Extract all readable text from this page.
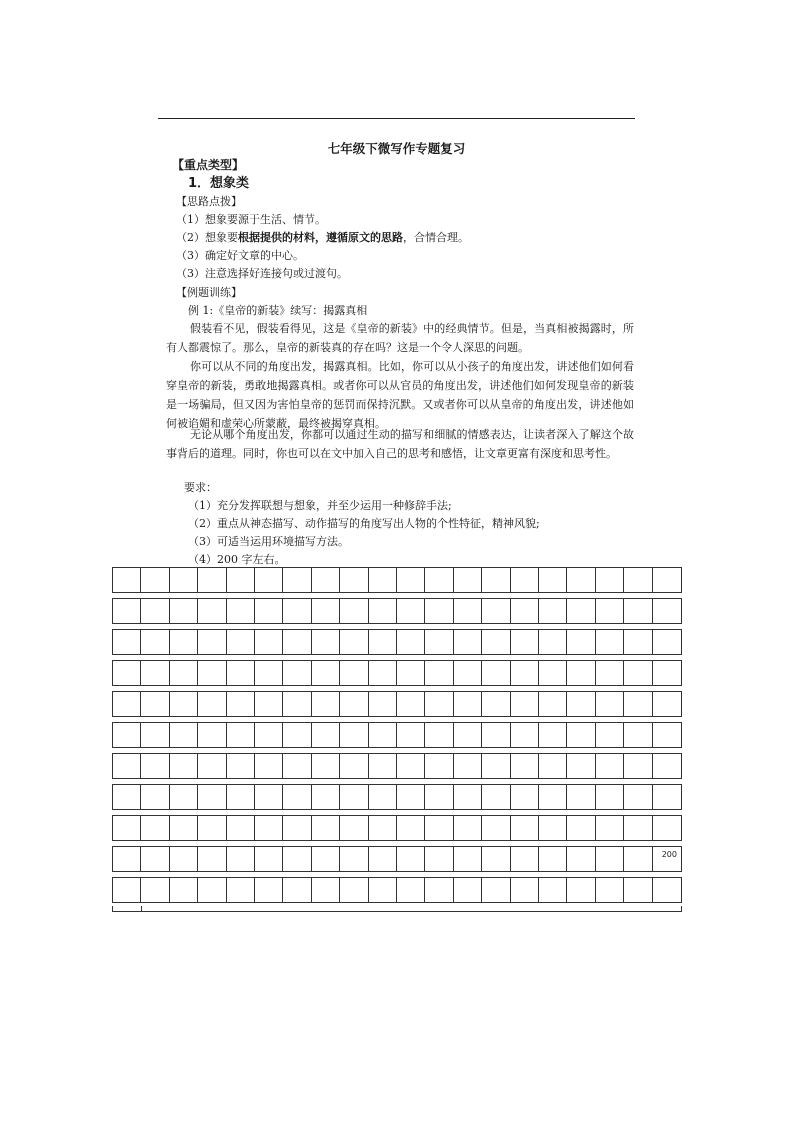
七年级下微写作专题复习
【重点类型】
1．想象类
【思路点拨】
（1）想象要源于生活、情节。
（2）想象要根据提供的材料，遵循原文的思路，合情合理。
（3）确定好文章的中心。
（3）注意选择好连接句或过渡句。
【例题训练】
例 1:《皇帝的新装》续写：揭露真相
假装看不见，假装看得见，这是《皇帝的新装》中的经典情节。但是，当真相被揭露时，所有人都震惊了。那么，皇帝的新装真的存在吗？这是一个令人深思的问题。
你可以从不同的角度出发，揭露真相。比如，你可以从小孩子的角度出发，讲述他们如何看穿皇帝的新装，勇敢地揭露真相。或者你可以从官员的角度出发，讲述他们如何发现皇帝的新装是一场骗局，但又因为害怕皇帝的惩罚而保持沉默。又或者你可以从皇帝的角度出发，讲述他如何被谄媚和虚荣心所蒙蔽，最终被揭穿真相。
无论从哪个角度出发，你都可以通过生动的描写和细腻的情感表达，让读者深入了解这个故事背后的道理。同时，你也可以在文中加入自己的思考和感悟，让文章更富有深度和思考性。
要求：
（1）充分发挥联想与想象，并至少运用一种修辞手法;
（2）重点从神态描写、动作描写的角度写出人物的个性特征，精神风貌;
（3）可适当运用环境描写方法。
（4）200 字左右。
200
